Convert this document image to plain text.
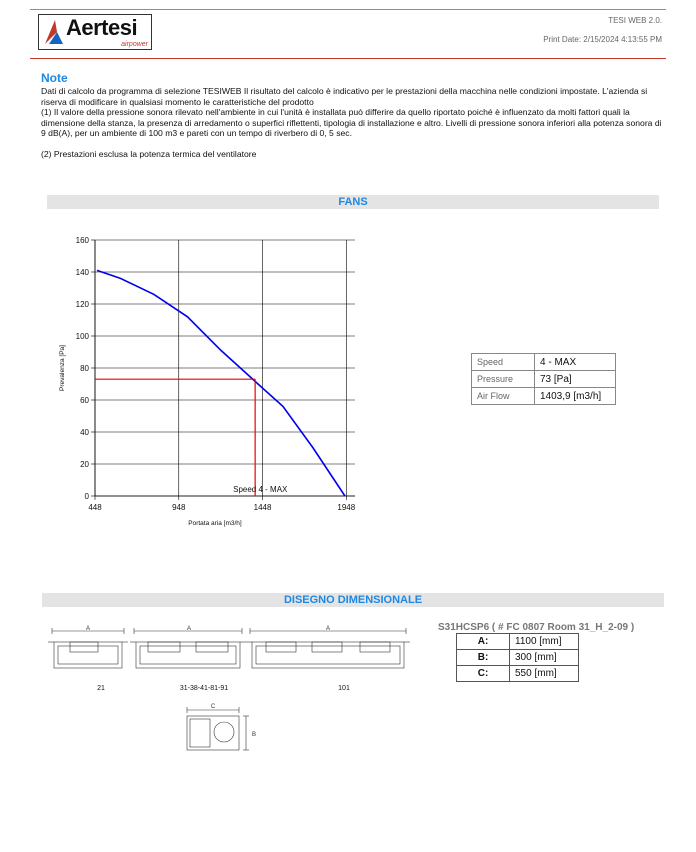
Aertesi
airpower
TESI WEB 2.0.
Print Date: 2/15/2024 4:13:55 PM
Note

Dati di calcolo da programma di selezione TESIWEB Il risultato del calcolo è indicativo per le prestazioni della macchina nelle condizioni impostate. L'azienda si riserva di modificare in qualsiasi momento le caratteristiche del prodotto

(1) Il valore della pressione sonora rilevato nell'ambiente in cui l'unità è installata può differire da quello riportato poiché è influenzato da molti fattori quali la dimensione della stanza, la presenza di arredamento o superfici riflettenti, tipologia di installazione e altro. Livelli di pressione sonora inferiori alla potenza sonora di 9 dB(A), per un ambiente di 100 m3 e pareti con un tempo di riverbero di 0, 5 sec.

(2) Prestazioni esclusa la potenza termica del ventilatore

FANS
0
20
40
60
80
100
120
140
160
448	948	1448	1948
Speed 4 - MAX
Portata aria [m3/h]
Prevalenza [Pa]	Speed	4 - MAX
Pressure	73 [Pa]
Air Flow	1403,9 [m3/h]
DISEGNO DIMENSIONALE
A
21
A
31-38-41-81-91
A
101
C
B
S31HCSP6 ( # FC 0807 Room 31_H_2-09 )
A:	1100 [mm]
B:	300 [mm]
C:	550 [mm]
